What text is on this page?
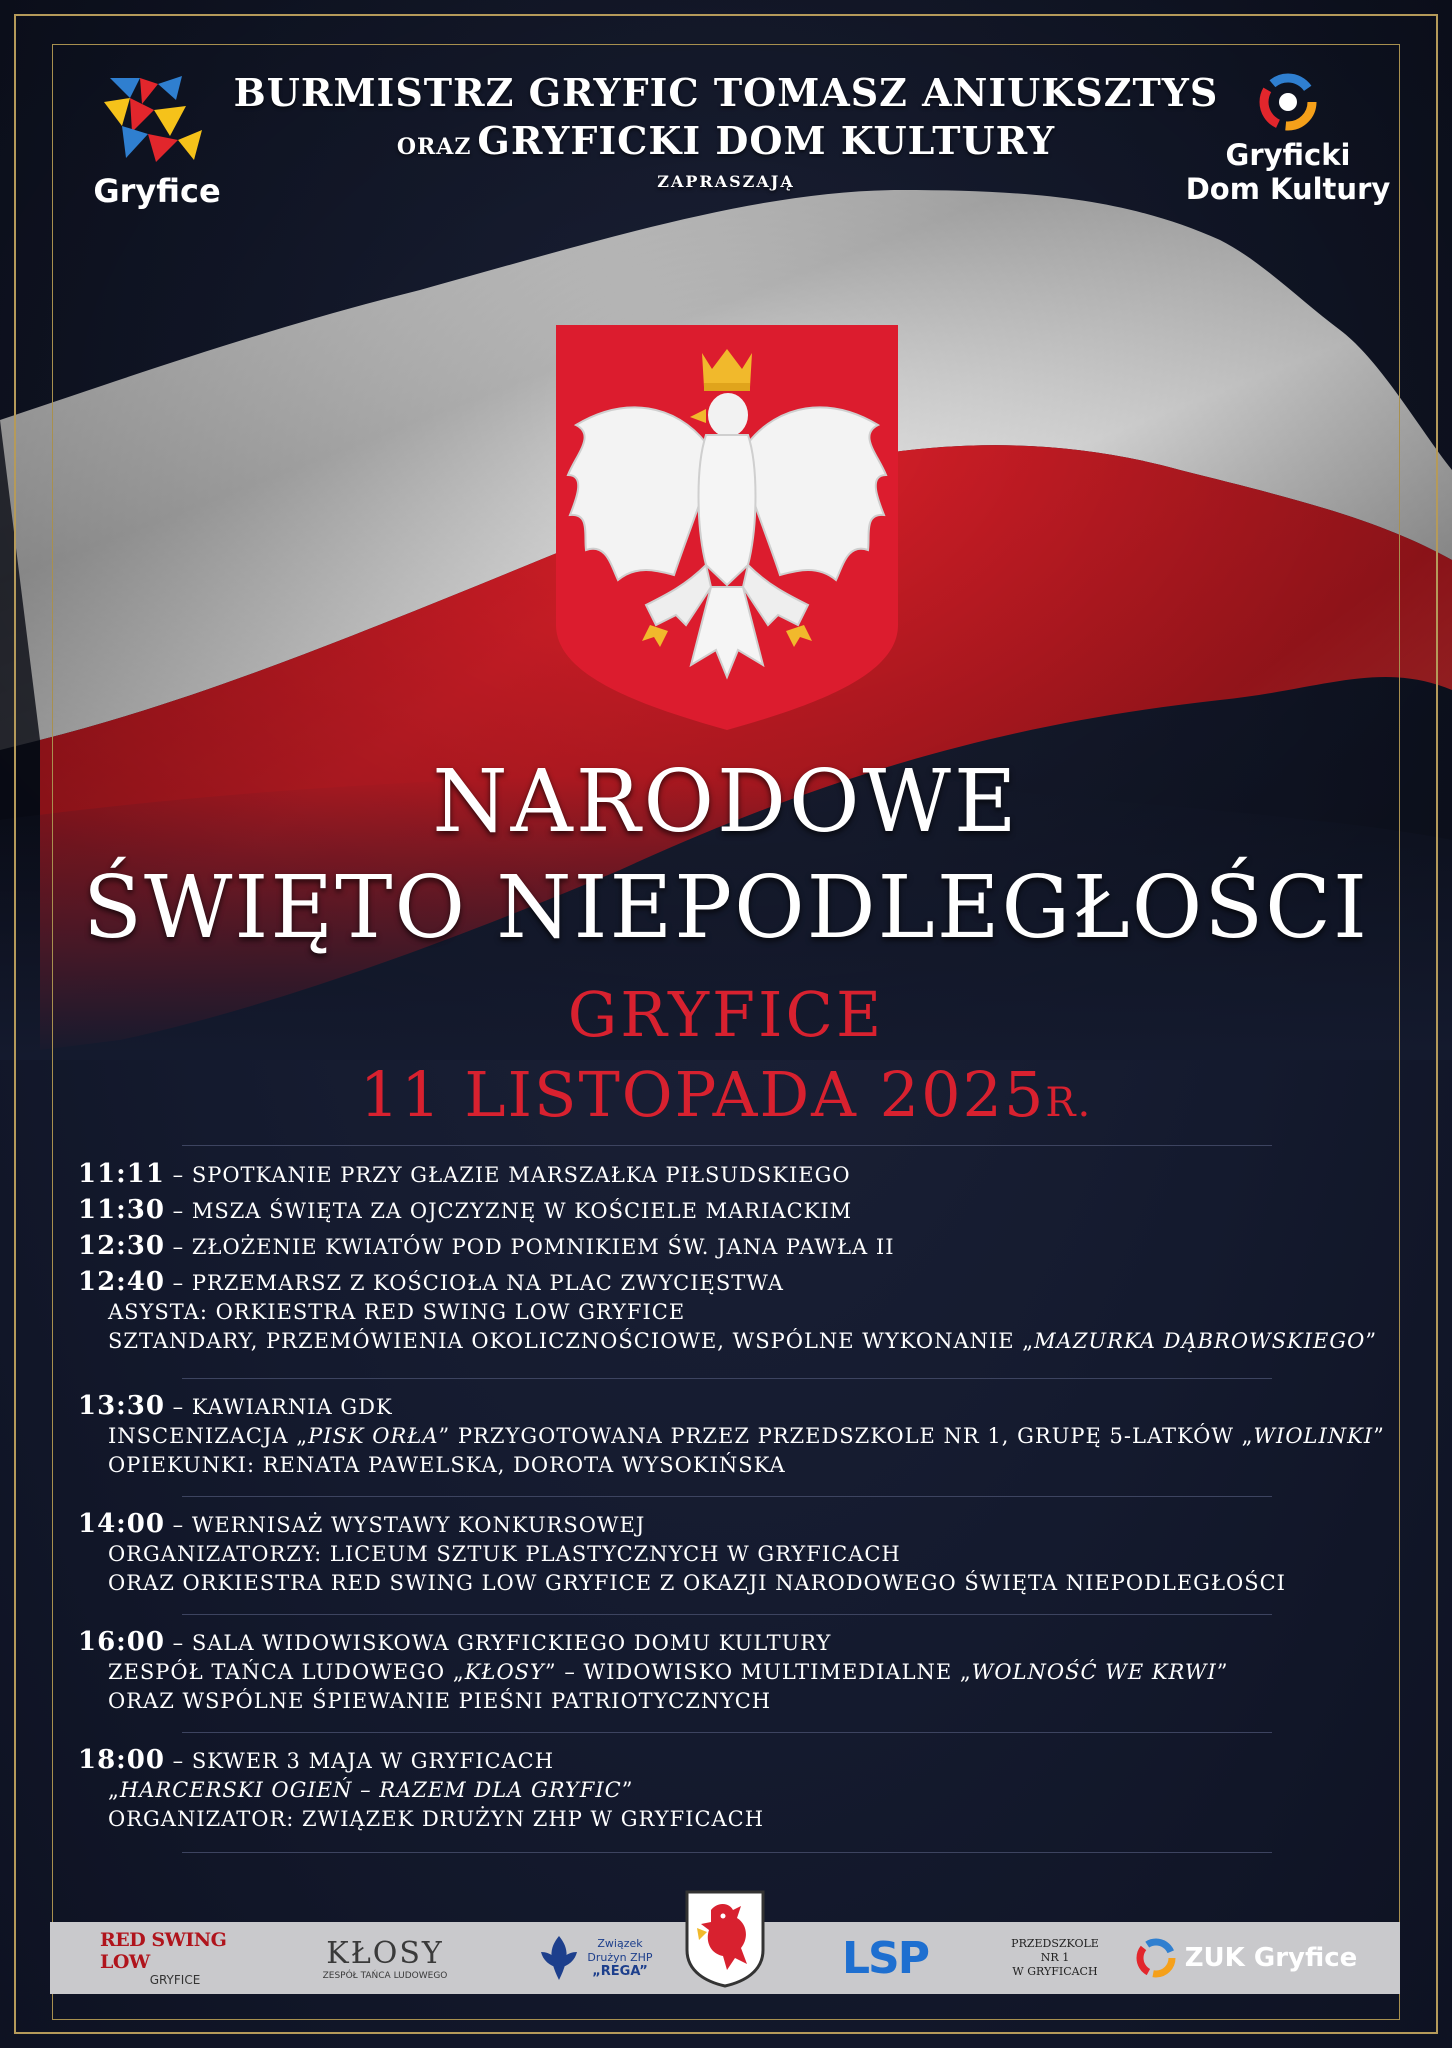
Gryfice
Gryficki
Dom Kultury
BURMISTRZ GRYFIC TOMASZ ANIUKSZTYS
ORAZ GRYFICKI DOM KULTURY
ZAPRASZAJĄ
NARODOWE
ŚWIĘTO NIEPODLEGŁOŚCI
GRYFICE
11 LISTOPADA 2025R.
11:11 – SPOTKANIE PRZY GŁAZIE MARSZAŁKA PIŁSUDSKIEGO
11:30 – MSZA ŚWIĘTA ZA OJCZYZNĘ W KOŚCIELE MARIACKIM
12:30 – ZŁOŻENIE KWIATÓW POD POMNIKIEM ŚW. JANA PAWŁA II
12:40 – PRZEMARSZ Z KOŚCIOŁA NA PLAC ZWYCIĘSTWA
ASYSTA: ORKIESTRA RED SWING LOW GRYFICE
SZTANDARY, PRZEMÓWIENIA OKOLICZNOŚCIOWE, WSPÓLNE WYKONANIE „MAZURKA DĄBROWSKIEGO”
13:30 – KAWIARNIA GDK
INSCENIZACJA „PISK ORŁA” PRZYGOTOWANA PRZEZ PRZEDSZKOLE NR 1, GRUPĘ 5-LATKÓW „WIOLINKI”
OPIEKUNKI: RENATA PAWELSKA, DOROTA WYSOKIŃSKA
14:00 – WERNISAŻ WYSTAWY KONKURSOWEJ
ORGANIZATORZY: LICEUM SZTUK PLASTYCZNYCH W GRYFICACH
ORAZ ORKIESTRA RED SWING LOW GRYFICE Z OKAZJI NARODOWEGO ŚWIĘTA NIEPODLEGŁOŚCI
16:00 – SALA WIDOWISKOWA GRYFICKIEGO DOMU KULTURY
ZESPÓŁ TAŃCA LUDOWEGO „KŁOSY” – WIDOWISKO MULTIMEDIALNE „WOLNOŚĆ WE KRWI”
ORAZ WSPÓLNE ŚPIEWANIE PIEŚNI PATRIOTYCZNYCH
18:00 – SKWER 3 MAJA W GRYFICACH
„HARCERSKI OGIEŃ – RAZEM DLA GRYFIC”
ORGANIZATOR: ZWIĄZEK DRUŻYN ZHP W GRYFICACH
RED SWING LOW
GRYFICE
KŁOSY
ZESPÓŁ TAŃCA LUDOWEGO
Związek
Drużyn ZHP
„REGA”	LSP	PRZEDSZKOLE
NR 1
W GRYFICACH	ZUK Gryfice
